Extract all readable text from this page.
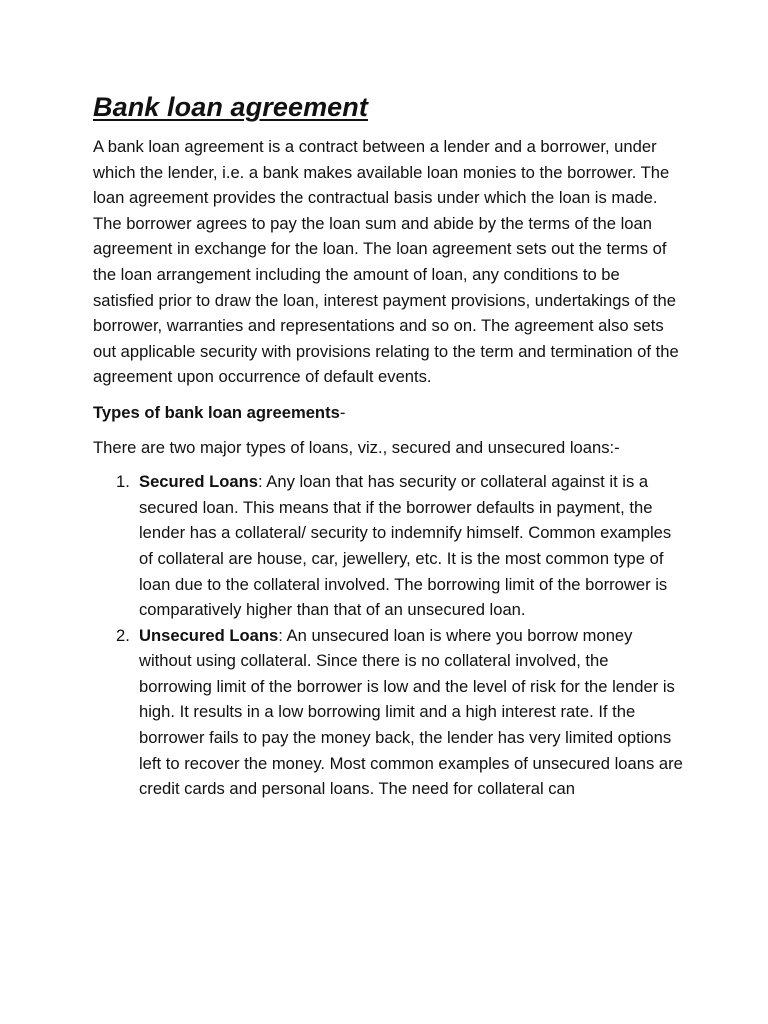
Bank loan agreement

A bank loan agreement is a contract between a lender and a borrower, under which the lender, i.e. a bank makes available loan monies to the borrower. The loan agreement provides the contractual basis under which the loan is made. The borrower agrees to pay the loan sum and abide by the terms of the loan agreement in exchange for the loan. The loan agreement sets out the terms of the loan arrangement including the amount of loan, any conditions to be satisfied prior to draw the loan, interest payment provisions, undertakings of the borrower, warranties and representations and so on. The agreement also sets out applicable security with provisions relating to the term and termination of the agreement upon occurrence of default events.

Types of bank loan agreements-

There are two major types of loans, viz., secured and unsecured loans:-

1. Secured Loans: Any loan that has security or collateral against it is a secured loan. This means that if the borrower defaults in payment, the lender has a collateral/ security to indemnify himself. Common examples of collateral are house, car, jewellery, etc. It is the most common type of loan due to the collateral involved. The borrowing limit of the borrower is comparatively higher than that of an unsecured loan.
2. Unsecured Loans: An unsecured loan is where you borrow money without using collateral. Since there is no collateral involved, the borrowing limit of the borrower is low and the level of risk for the lender is high. It results in a low borrowing limit and a high interest rate. If the borrower fails to pay the money back, the lender has very limited options left to recover the money. Most common examples of unsecured loans are credit cards and personal loans. The need for collateral can
